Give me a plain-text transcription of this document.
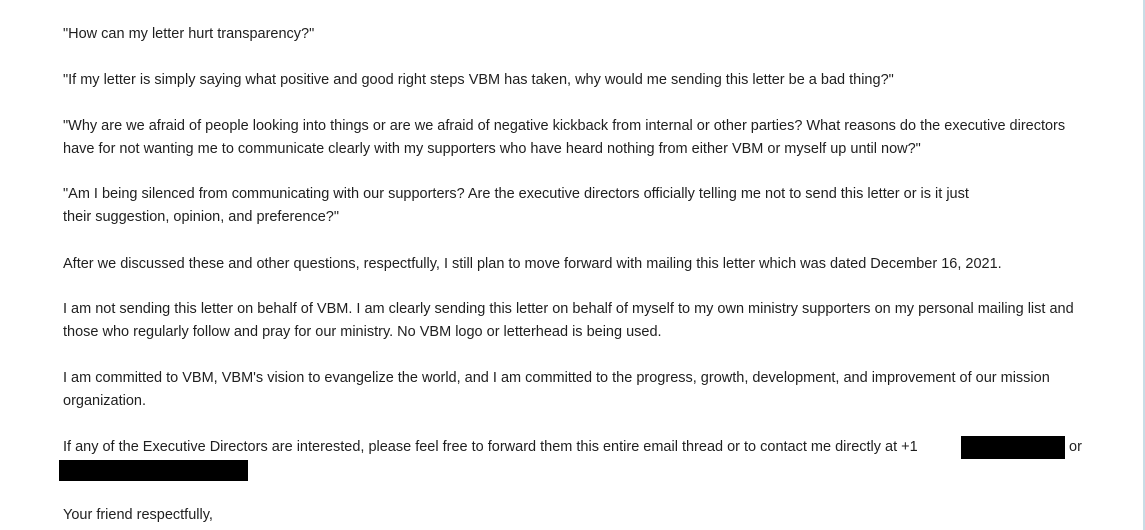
"How can my letter hurt transparency?"

"If my letter is simply saying what positive and good right steps VBM has taken, why would me sending this letter be a bad thing?"

"Why are we afraid of people looking into things or are we afraid of negative kickback from internal or other parties? What reasons do the executive directors
have for not wanting me to communicate clearly with my supporters who have heard nothing from either VBM or myself up until now?"

"Am I being silenced from communicating with our supporters? Are the executive directors officially telling me not to send this letter or is it just
their suggestion, opinion, and preference?"

After we discussed these and other questions, respectfully, I still plan to move forward with mailing this letter which was dated December 16, 2021.

I am not sending this letter on behalf of VBM. I am clearly sending this letter on behalf of myself to my own ministry supporters on my personal mailing list and
those who regularly follow and pray for our ministry. No VBM logo or letterhead is being used.

I am committed to VBM, VBM's vision to evangelize the world, and I am committed to the progress, growth, development, and improvement of our mission
organization.

If any of the Executive Directors are interested, please feel free to forward them this entire email thread or to contact me directly at +1	or

Your friend respectfully,
